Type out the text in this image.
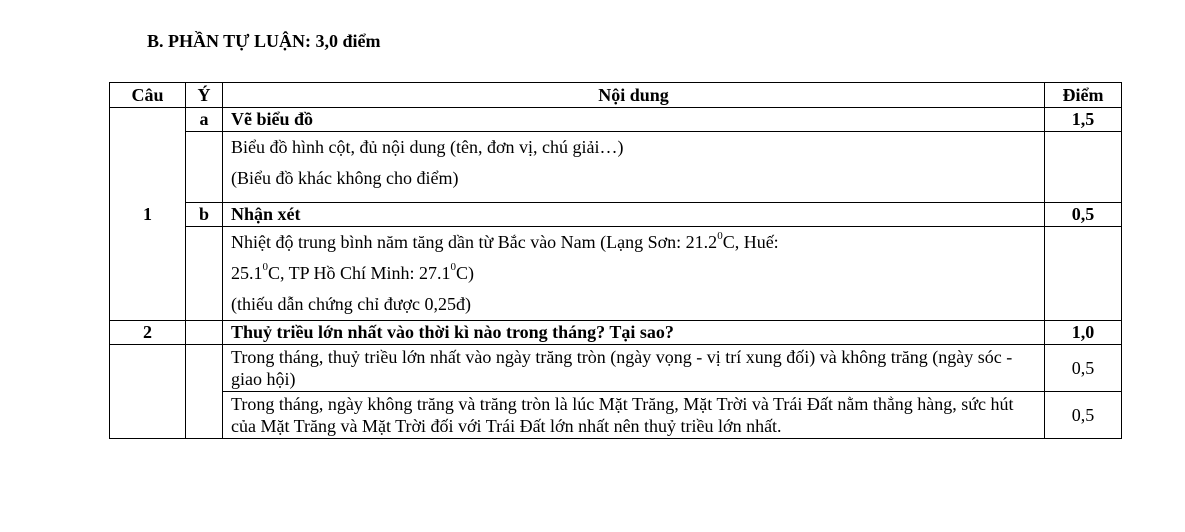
B. PHẦN TỰ LUẬN: 3,0 điểm
Câu	Ý	Nội dung	Điểm
1	a	Vẽ biểu đồ	1,5

		Biểu đồ hình cột, đủ nội dung (tên, đơn vị, chú giải…)
(Biểu đồ khác không cho điểm)	

	b	Nhận xét	0,5

		Nhiệt độ trung bình năm tăng dần từ Bắc vào Nam (Lạng Sơn: 21.2$^0$C, Huế:
25.1$^0$C, TP Hồ Chí Minh: 27.1$^0$C)
(thiếu dẫn chứng chỉ được 0,25đ)	

2		Thuỷ triều lớn nhất vào thời kì nào trong tháng? Tại sao?	1,0
		Trong tháng, thuỷ triều lớn nhất vào ngày trăng tròn (ngày vọng - vị trí xung đối) và không trăng (ngày sóc - giao hội)	0,5
		Trong tháng, ngày không trăng và trăng tròn là lúc Mặt Trăng, Mặt Trời và Trái Đất nằm thẳng hàng, sức hút của Mặt Trăng và Mặt Trời đối với Trái Đất lớn nhất nên thuỷ triều lớn nhất.	0,5
